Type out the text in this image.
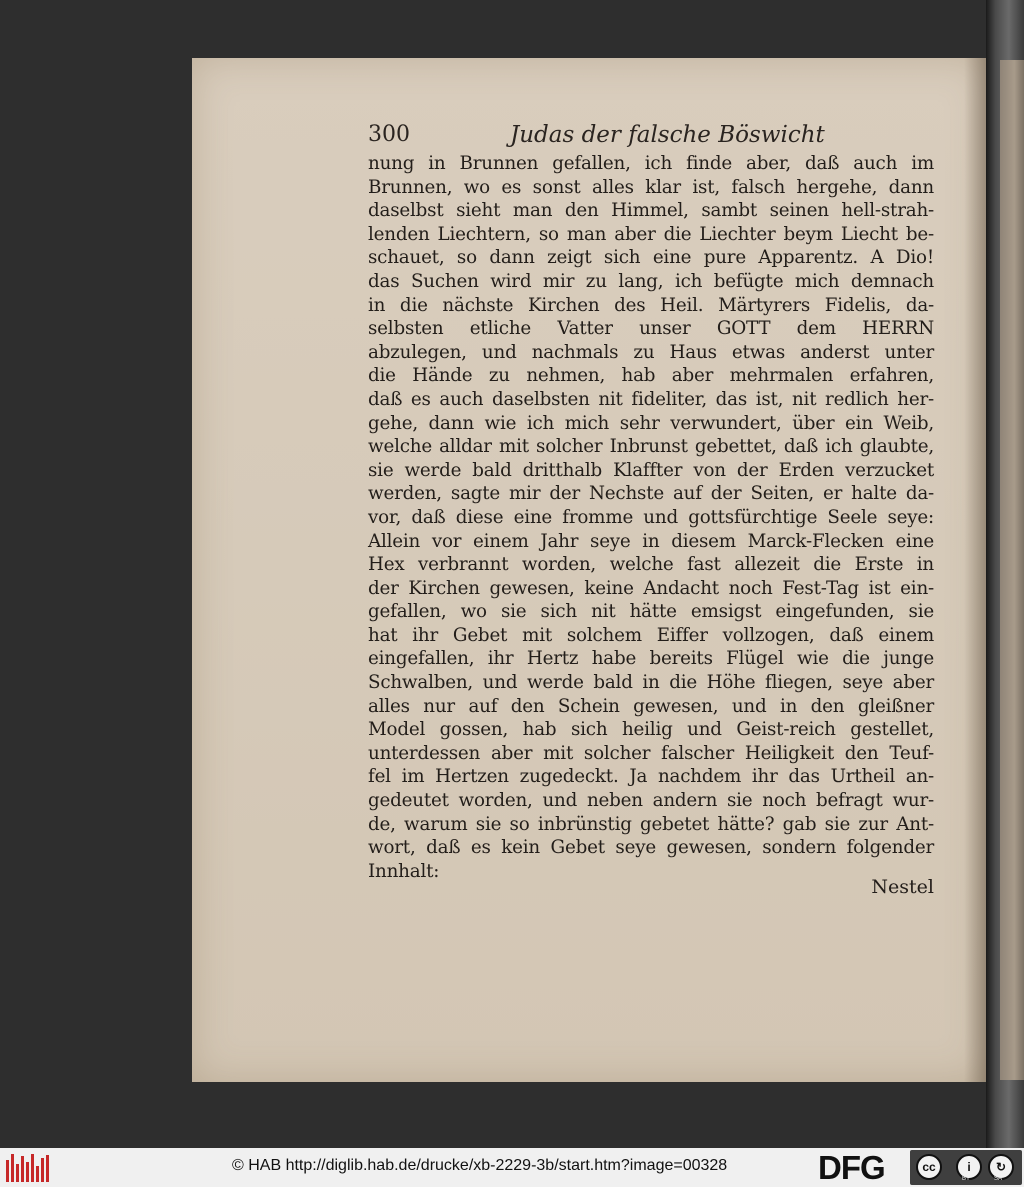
300	Judas der falsche Böswicht
nung in Brunnen gefallen, ich finde aber, daß auch im
Brunnen, wo es sonst alles klar ist, falsch hergehe, dann
daselbst sieht man den Himmel, sambt seinen hell-strah-
lenden Liechtern, so man aber die Liechter beym Liecht be-
schauet, so dann zeigt sich eine pure Apparentz. A Dio!
das Suchen wird mir zu lang, ich befügte mich demnach
in die nächste Kirchen des Heil. Märtyrers Fidelis, da-
selbsten etliche Vatter unser GOTT dem HERRN
abzulegen, und nachmals zu Haus etwas anderst unter
die Hände zu nehmen, hab aber mehrmalen erfahren,
daß es auch daselbsten nit fideliter, das ist, nit redlich her-
gehe, dann wie ich mich sehr verwundert, über ein Weib,
welche alldar mit solcher Inbrunst gebettet, daß ich glaubte,
sie werde bald dritthalb Klaffter von der Erden verzucket
werden, sagte mir der Nechste auf der Seiten, er halte da-
vor, daß diese eine fromme und gottsfürchtige Seele seye:
Allein vor einem Jahr seye in diesem Marck-Flecken eine
Hex verbrannt worden, welche fast allezeit die Erste in
der Kirchen gewesen, keine Andacht noch Fest-Tag ist ein-
gefallen, wo sie sich nit hätte emsigst eingefunden, sie
hat ihr Gebet mit solchem Eiffer vollzogen, daß einem
eingefallen, ihr Hertz habe bereits Flügel wie die junge
Schwalben, und werde bald in die Höhe fliegen, seye aber
alles nur auf den Schein gewesen, und in den gleißner
Model gossen, hab sich heilig und Geist-reich gestellet,
unterdessen aber mit solcher falscher Heiligkeit den Teuf-
fel im Hertzen zugedeckt. Ja nachdem ihr das Urtheil an-
gedeutet worden, und neben andern sie noch befragt wur-
de, warum sie so inbrünstig gebetet hätte? gab sie zur Ant-
wort, daß es kein Gebet seye gewesen, sondern folgender
Innhalt:
Nestel
© HAB http://diglib.hab.de/drucke/xb-2229-3b/start.htm?image=00328	DFG	cc	i	↻
BY	SA
